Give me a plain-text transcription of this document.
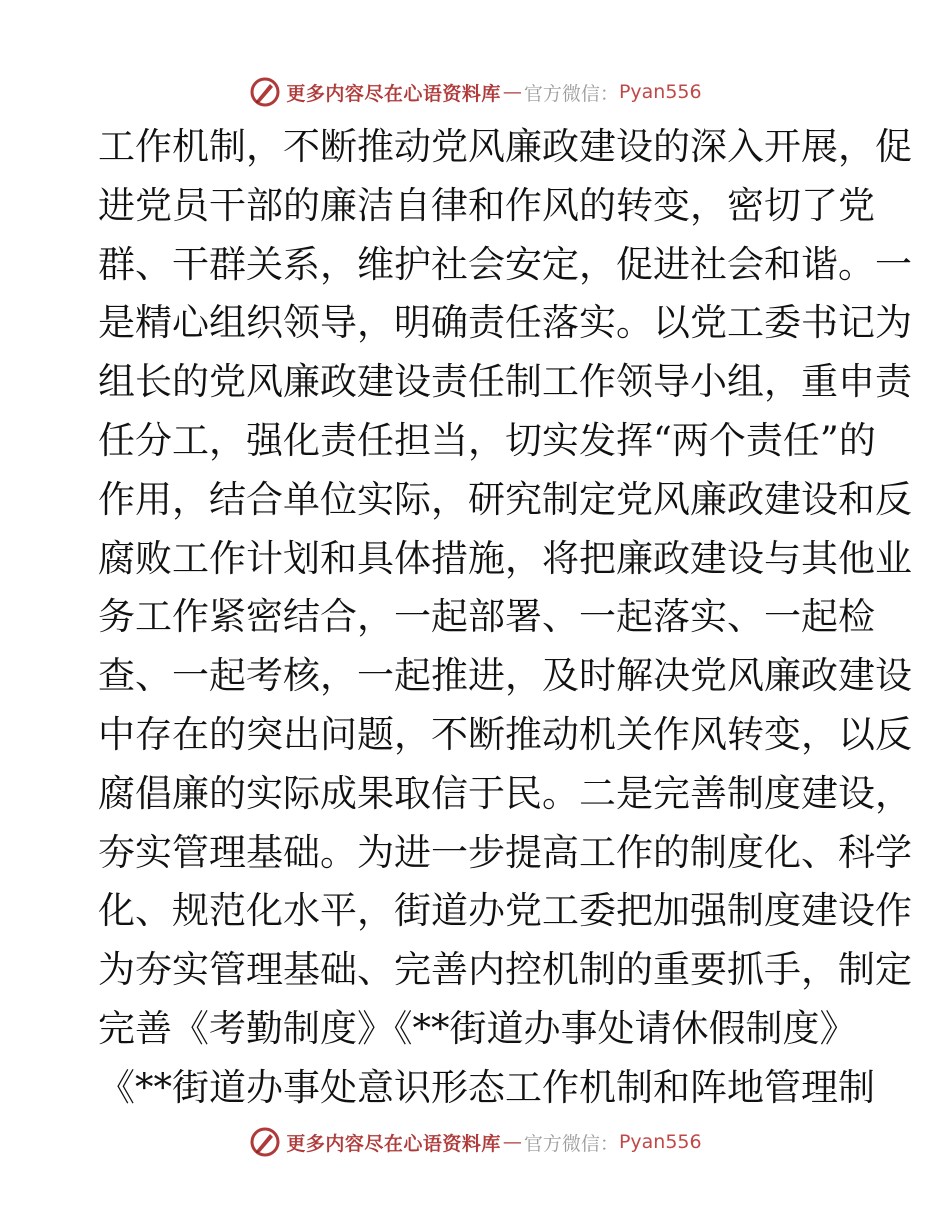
更多内容尽在心语资料库 — 官方微信： Pyan556
工作机制，不断推动党风廉政建设的深入开展，促
进党员干部的廉洁自律和作风的转变，密切了党
群、干群关系，维护社会安定，促进社会和谐。一
是精心组织领导，明确责任落实。以党工委书记为
组长的党风廉政建设责任制工作领导小组，重申责
任分工，强化责任担当，切实发挥“两个责任”的
作用，结合单位实际，研究制定党风廉政建设和反
腐败工作计划和具体措施，将把廉政建设与其他业
务工作紧密结合，一起部署、一起落实、一起检
查、一起考核，一起推进，及时解决党风廉政建设
中存在的突出问题，不断推动机关作风转变，以反
腐倡廉的实际成果取信于民。二是完善制度建设，
夯实管理基础。为进一步提高工作的制度化、科学
化、规范化水平，街道办党工委把加强制度建设作
为夯实管理基础、完善内控机制的重要抓手，制定
完善《考勤制度》《**街道办事处请休假制度》
《**街道办事处意识形态工作机制和阵地管理制
更多内容尽在心语资料库 — 官方微信： Pyan556
